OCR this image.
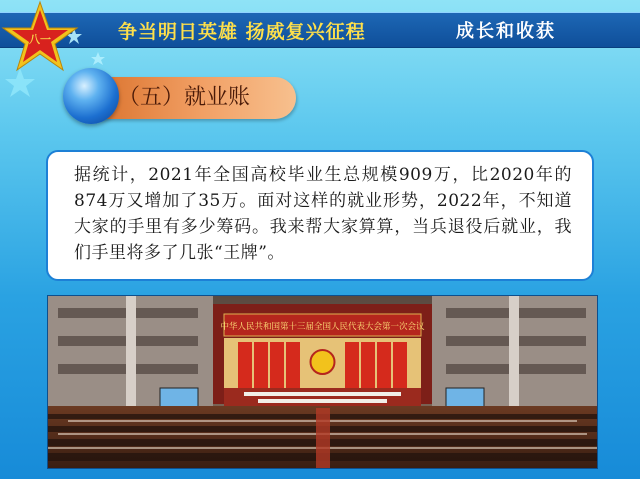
争当明日英雄 扬威复兴征程	成长和收获
八一
（五）就业账

据统计，2021年全国高校毕业生总规模909万，比2020年的874万又增加了35万。面对这样的就业形势，2022年，不知道大家的手里有多少筹码。我来帮大家算算，当兵退役后就业，我们手里将多了几张“王牌”。

中华人民共和国第十三届全国人民代表大会第一次会议
